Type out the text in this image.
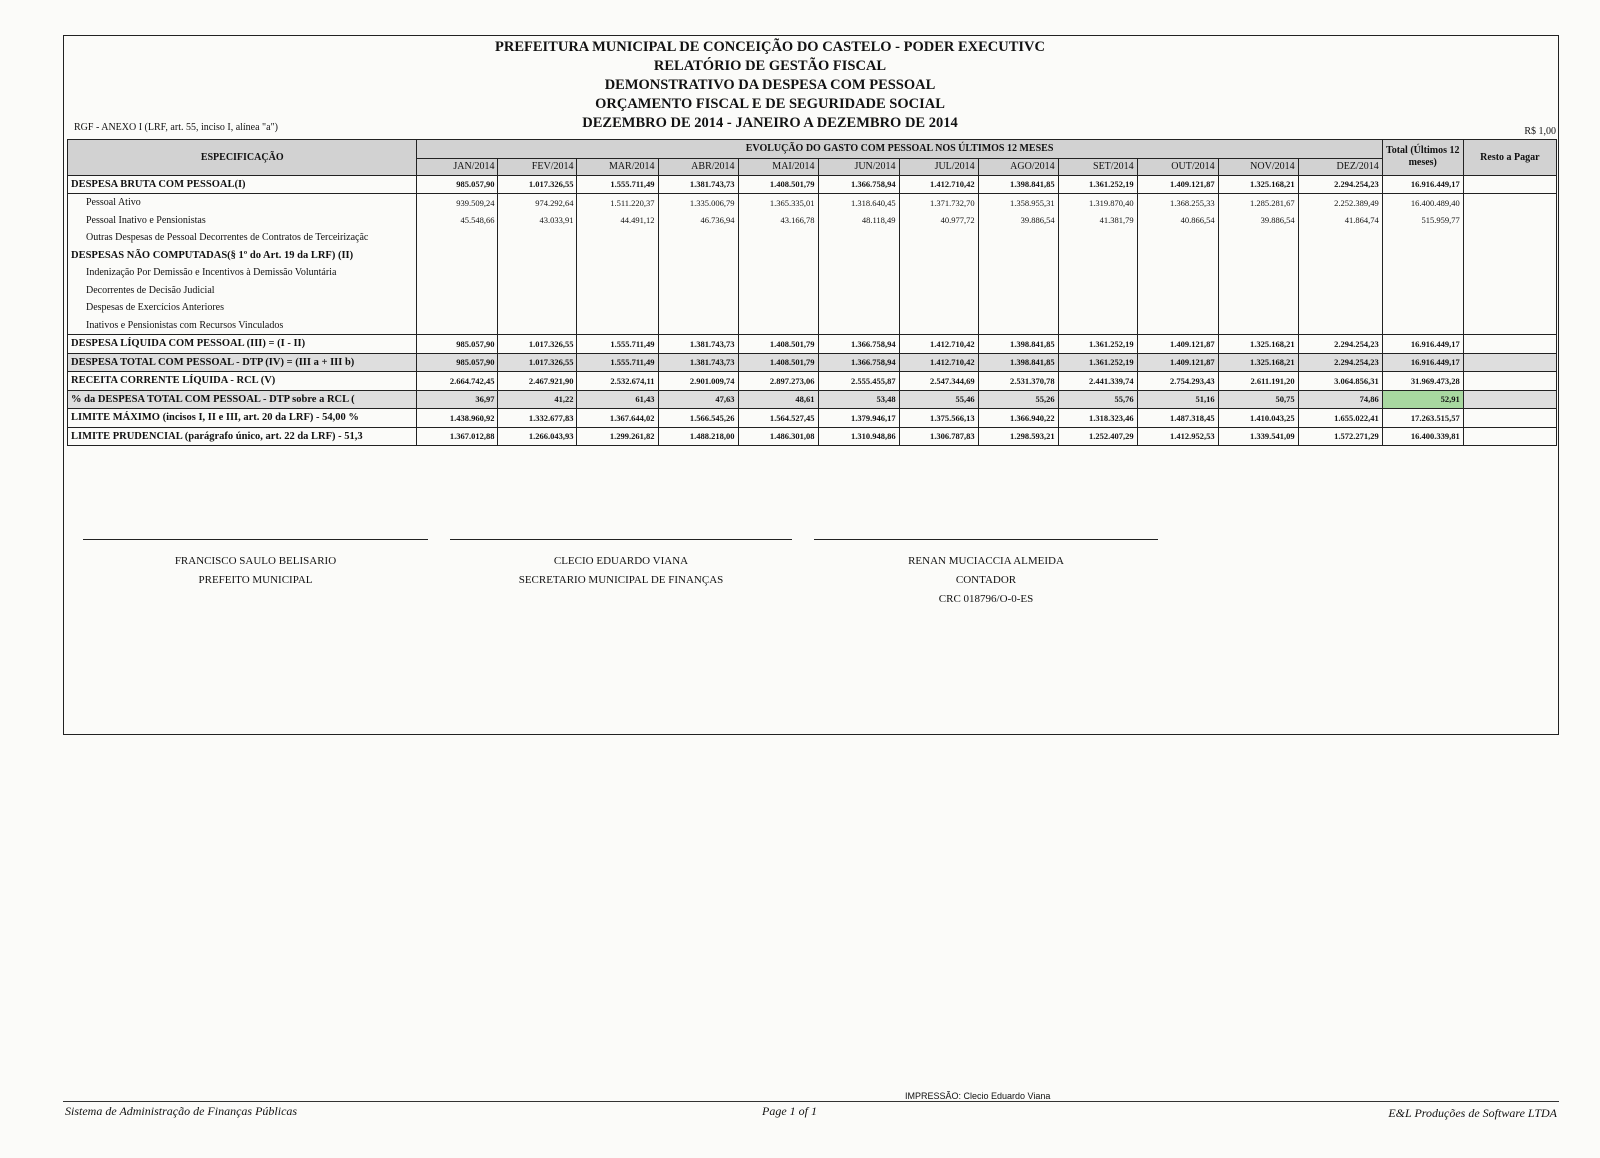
PREFEITURA MUNICIPAL DE CONCEIÇÃO DO CASTELO - PODER EXECUTIVC
RELATÓRIO DE GESTÃO FISCAL
DEMONSTRATIVO DA DESPESA COM PESSOAL
ORÇAMENTO FISCAL E DE SEGURIDADE SOCIAL
DEZEMBRO DE 2014 - JANEIRO A DEZEMBRO DE 2014
RGF - ANEXO I (LRF, art. 55, inciso I, alínea "a")	R$ 1,00
ESPECIFICAÇÃO	EVOLUÇÃO DO GASTO COM PESSOAL NOS ÚLTIMOS 12 MESES												Total (Últimos 12 meses)	Resto a Pagar
	JAN/2014	FEV/2014	MAR/2014	ABR/2014	MAI/2014	JUN/2014	JUL/2014	AGO/2014	SET/2014	OUT/2014	NOV/2014	DEZ/2014		
DESPESA BRUTA COM PESSOAL(I)	985.057,90	1.017.326,55	1.555.711,49	1.381.743,73	1.408.501,79	1.366.758,94	1.412.710,42	1.398.841,85	1.361.252,19	1.409.121,87	1.325.168,21	2.294.254,23	16.916.449,17	
Pessoal Ativo	939.509,24	974.292,64	1.511.220,37	1.335.006,79	1.365.335,01	1.318.640,45	1.371.732,70	1.358.955,31	1.319.870,40	1.368.255,33	1.285.281,67	2.252.389,49	16.400.489,40	
Pessoal Inativo e Pensionistas	45.548,66	43.033,91	44.491,12	46.736,94	43.166,78	48.118,49	40.977,72	39.886,54	41.381,79	40.866,54	39.886,54	41.864,74	515.959,77	
Outras Despesas de Pessoal Decorrentes de Contratos de Terceirizaçãc														
DESPESAS NÃO COMPUTADAS(§ 1º do Art. 19 da LRF) (II)														
Indenização Por Demissão e Incentivos à Demissão Voluntária														
Decorrentes de Decisão Judicial														
Despesas de Exercícios Anteriores														
Inativos e Pensionistas com Recursos Vinculados														
DESPESA LÍQUIDA COM PESSOAL (III) = (I - II)	985.057,90	1.017.326,55	1.555.711,49	1.381.743,73	1.408.501,79	1.366.758,94	1.412.710,42	1.398.841,85	1.361.252,19	1.409.121,87	1.325.168,21	2.294.254,23	16.916.449,17	
DESPESA TOTAL COM PESSOAL - DTP (IV) = (III a + III b)	985.057,90	1.017.326,55	1.555.711,49	1.381.743,73	1.408.501,79	1.366.758,94	1.412.710,42	1.398.841,85	1.361.252,19	1.409.121,87	1.325.168,21	2.294.254,23	16.916.449,17	
RECEITA CORRENTE LÍQUIDA - RCL (V)	2.664.742,45	2.467.921,90	2.532.674,11	2.901.009,74	2.897.273,06	2.555.455,87	2.547.344,69	2.531.370,78	2.441.339,74	2.754.293,43	2.611.191,20	3.064.856,31	31.969.473,28	
% da DESPESA TOTAL COM PESSOAL - DTP sobre a RCL (	36,97	41,22	61,43	47,63	48,61	53,48	55,46	55,26	55,76	51,16	50,75	74,86	52,91	
LIMITE MÁXIMO (incisos I, II e III, art. 20 da LRF) - 54,00 %	1.438.960,92	1.332.677,83	1.367.644,02	1.566.545,26	1.564.527,45	1.379.946,17	1.375.566,13	1.366.940,22	1.318.323,46	1.487.318,45	1.410.043,25	1.655.022,41	17.263.515,57	
LIMITE PRUDENCIAL (parágrafo único, art. 22 da LRF) - 51,3	1.367.012,88	1.266.043,93	1.299.261,82	1.488.218,00	1.486.301,08	1.310.948,86	1.306.787,83	1.298.593,21	1.252.407,29	1.412.952,53	1.339.541,09	1.572.271,29	16.400.339,81	
FRANCISCO SAULO BELISARIO
PREFEITO MUNICIPAL
CLECIO EDUARDO VIANA
SECRETARIO MUNICIPAL DE FINANÇAS
RENAN MUCIACCIA ALMEIDA
CONTADOR
CRC 018796/O-0-ES
IMPRESSÃO: Clecio Eduardo Viana
Sistema de Administração de Finanças Públicas	Page 1 of 1	E&L Produções de Software LTDA
